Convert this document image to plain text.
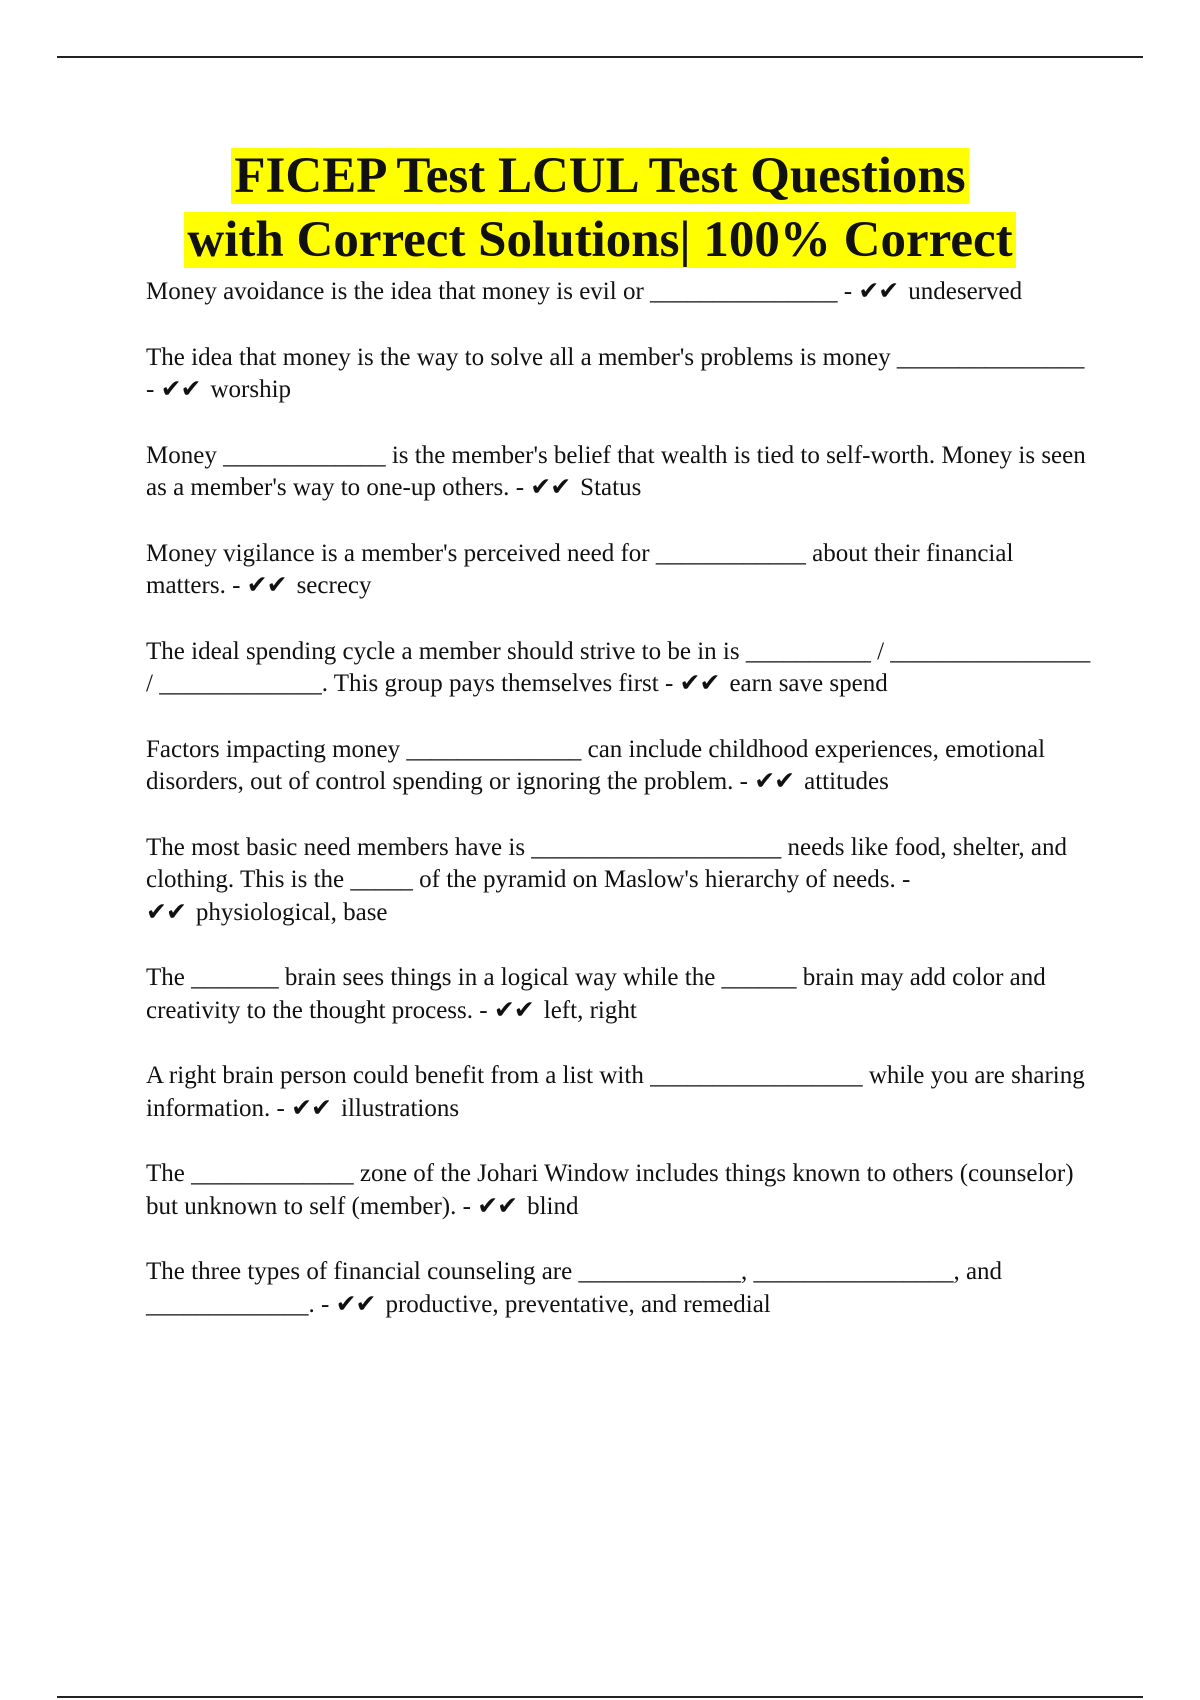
FICEP Test LCUL Test Questions
with Correct Solutions| 100% Correct

Money avoidance is the idea that money is evil or _______________ - ✔✔ undeserved

The idea that money is the way to solve all a member's problems is money _______________ - ✔✔ worship

Money _____________ is the member's belief that wealth is tied to self-worth. Money is seen as a member's way to one-up others. - ✔✔ Status

Money vigilance is a member's perceived need for ____________ about their financial matters. - ✔✔ secrecy

The ideal spending cycle a member should strive to be in is __________ / ________________ / _____________. This group pays themselves first - ✔✔ earn save spend

Factors impacting money ______________ can include childhood experiences, emotional disorders, out of control spending or ignoring the problem. - ✔✔ attitudes

The most basic need members have is ____________________ needs like food, shelter, and clothing. This is the _____ of the pyramid on Maslow's hierarchy of needs. - ✔✔ physiological, base

The _______ brain sees things in a logical way while the ______ brain may add color and creativity to the thought process. - ✔✔ left, right

A right brain person could benefit from a list with _________________ while you are sharing information. - ✔✔ illustrations

The _____________ zone of the Johari Window includes things known to others (counselor) but unknown to self (member). - ✔✔ blind

The three types of financial counseling are _____________, ________________, and _____________. - ✔✔ productive, preventative, and remedial
